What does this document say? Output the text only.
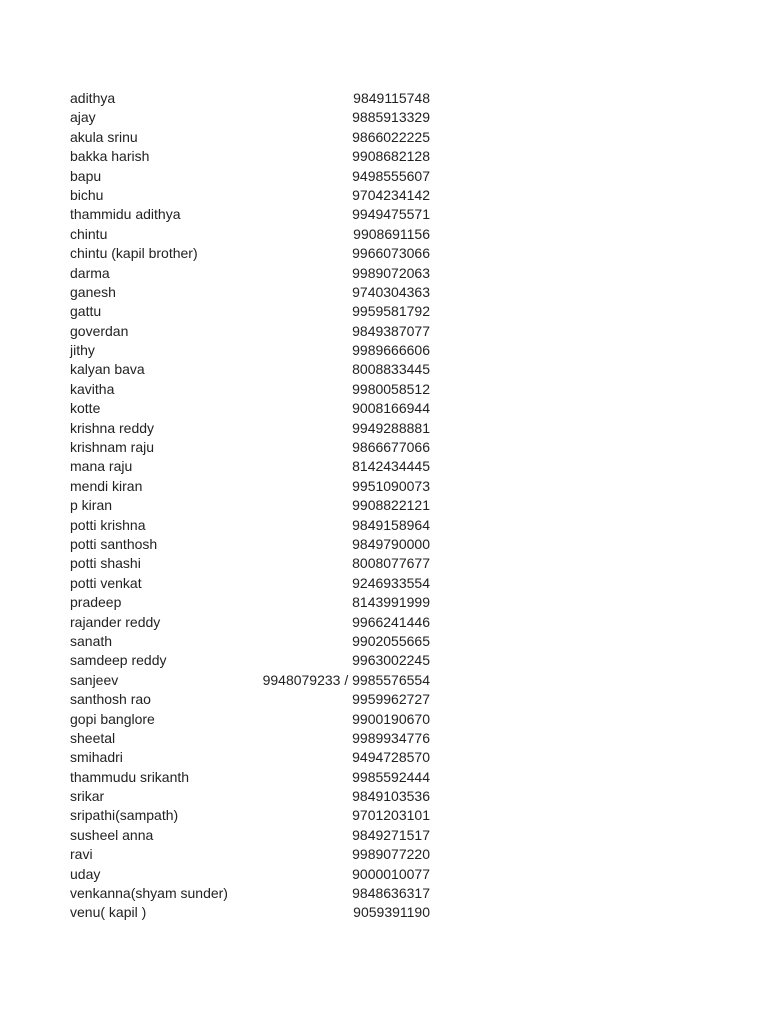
adithya	9849115748
ajay	9885913329
akula srinu	9866022225
bakka harish	9908682128
bapu	9498555607
bichu	9704234142
thammidu adithya	9949475571
chintu	9908691156
chintu (kapil brother)	9966073066
darma	9989072063
ganesh	9740304363
gattu	9959581792
goverdan	9849387077
jithy	9989666606
kalyan bava	8008833445
kavitha	9980058512
kotte	9008166944
krishna reddy	9949288881
krishnam raju	9866677066
mana raju	8142434445
mendi kiran	9951090073
p kiran	9908822121
potti krishna	9849158964
potti santhosh	9849790000
potti shashi	8008077677
potti venkat	9246933554
pradeep	8143991999
rajander reddy	9966241446
sanath	9902055665
samdeep reddy	9963002245
sanjeev	9948079233 / 9985576554
santhosh rao	9959962727
gopi banglore	9900190670
sheetal	9989934776
smihadri	9494728570
thammudu srikanth	9985592444
srikar	9849103536
sripathi(sampath)	9701203101
susheel anna	9849271517
ravi	9989077220
uday	9000010077
venkanna(shyam sunder)	9848636317
venu( kapil )	9059391190
